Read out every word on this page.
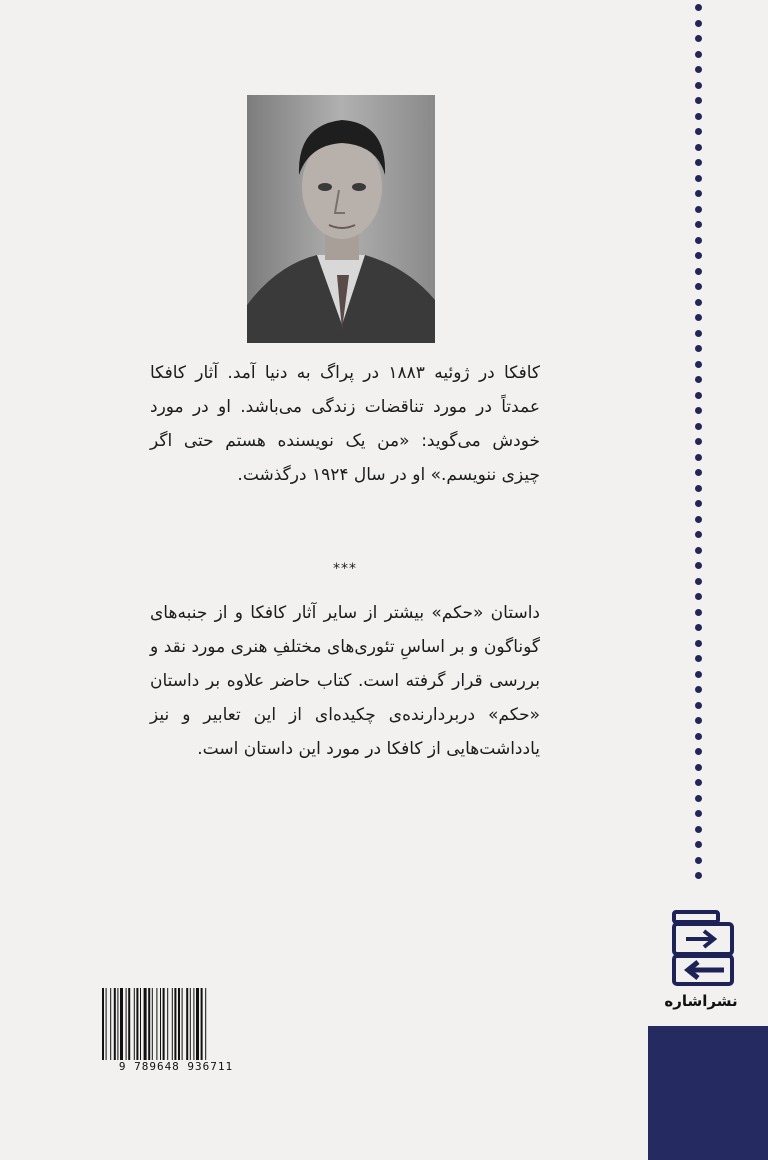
کافکا در ژوئیه ۱۸۸۳ در پراگ به دنیا آمد. آثار کافکا عمدتاً در مورد تناقضات زندگی می‌باشد. او در مورد خودش می‌گوید: «من یک نویسنده هستم حتی اگر چیزی ننویسم.» او در سال ۱۹۲۴ درگذشت.
***
داستان «حکم» بیشتر از سایر آثار کافکا و از جنبه‌های گوناگون و بر اساسِ تئوری‌های مختلفِ هنری مورد نقد و بررسی قرار گرفته است. کتاب حاضر علاوه بر داستان «حکم» دربردارنده‌ی چکیده‌ای از این تعابیر و نیز یادداشت‌هایی از کافکا در مورد این داستان است.
نشراشاره
9 789648 936711
